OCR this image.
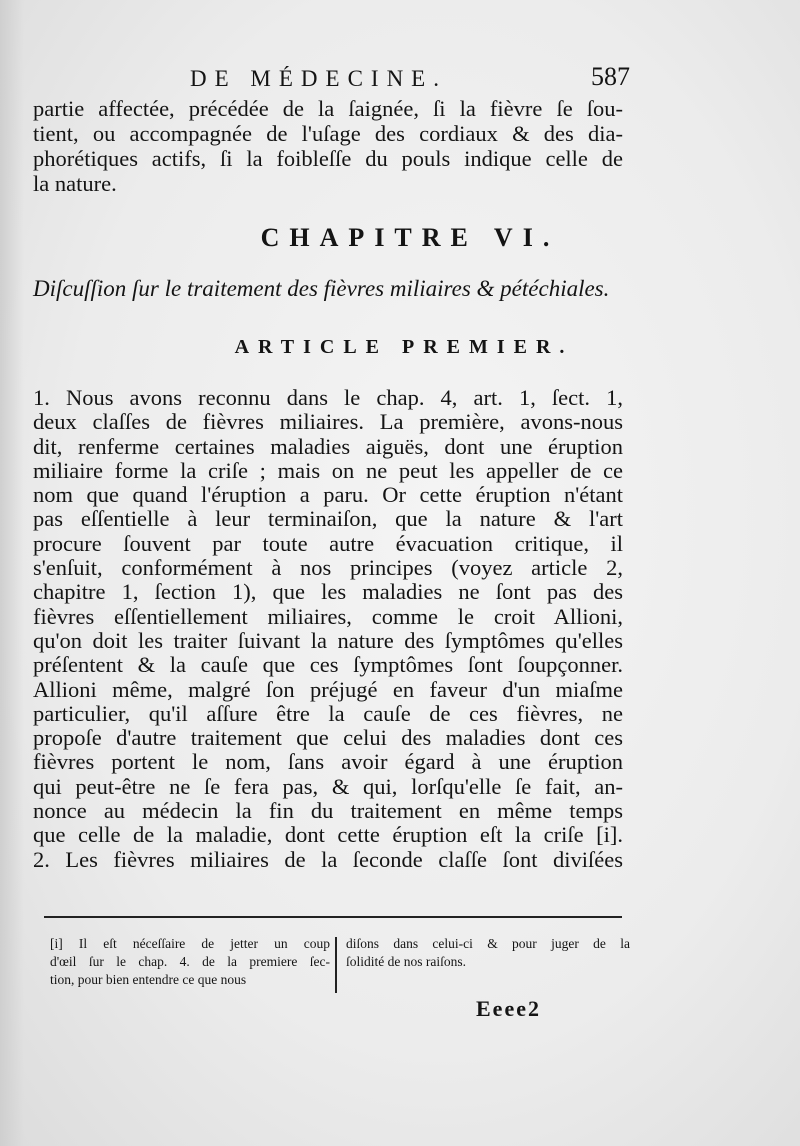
DE MÉDECINE.	587
partie affectée, précédée de la ſaignée, ſi la fièvre ſe ſou-
tient, ou accompagnée de l'uſage des cordiaux & des dia-
phorétiques actifs, ſi la foibleſſe du pouls indique celle de
la nature.
CHAPITRE VI.
Diſcuſſion ſur le traitement des fièvres miliaires & pétéchiales.
ARTICLE PREMIER.
1. Nous avons reconnu dans le chap. 4, art. 1, ſect. 1,
deux claſſes de fièvres miliaires. La première, avons-nous
dit, renferme certaines maladies aiguës, dont une éruption
miliaire forme la criſe ; mais on ne peut les appeller de ce
nom que quand l'éruption a paru. Or cette éruption n'étant
pas eſſentielle à leur terminaiſon, que la nature & l'art
procure ſouvent par toute autre évacuation critique, il
s'enſuit, conformément à nos principes (voyez article 2,
chapitre 1, ſection 1), que les maladies ne ſont pas des
fièvres eſſentiellement miliaires, comme le croit Allioni,
qu'on doit les traiter ſuivant la nature des ſymptômes qu'elles
préſentent & la cauſe que ces ſymptômes ſont ſoupçonner.
Allioni même, malgré ſon préjugé en faveur d'un miaſme
particulier, qu'il aſſure être la cauſe de ces fièvres, ne
propoſe d'autre traitement que celui des maladies dont ces
fièvres portent le nom, ſans avoir égard à une éruption
qui peut-être ne ſe fera pas, & qui, lorſqu'elle ſe fait, an-
nonce au médecin la fin du traitement en même temps
que celle de la maladie, dont cette éruption eſt la criſe [i].
2. Les fièvres miliaires de la ſeconde claſſe ſont diviſées
[i] Il eſt néceſſaire de jetter un coup
d'œil ſur le chap. 4. de la premiere ſec-
tion, pour bien entendre ce que nous
diſons dans celui-ci & pour juger de la
ſolidité de nos raiſons.
Eeee2
